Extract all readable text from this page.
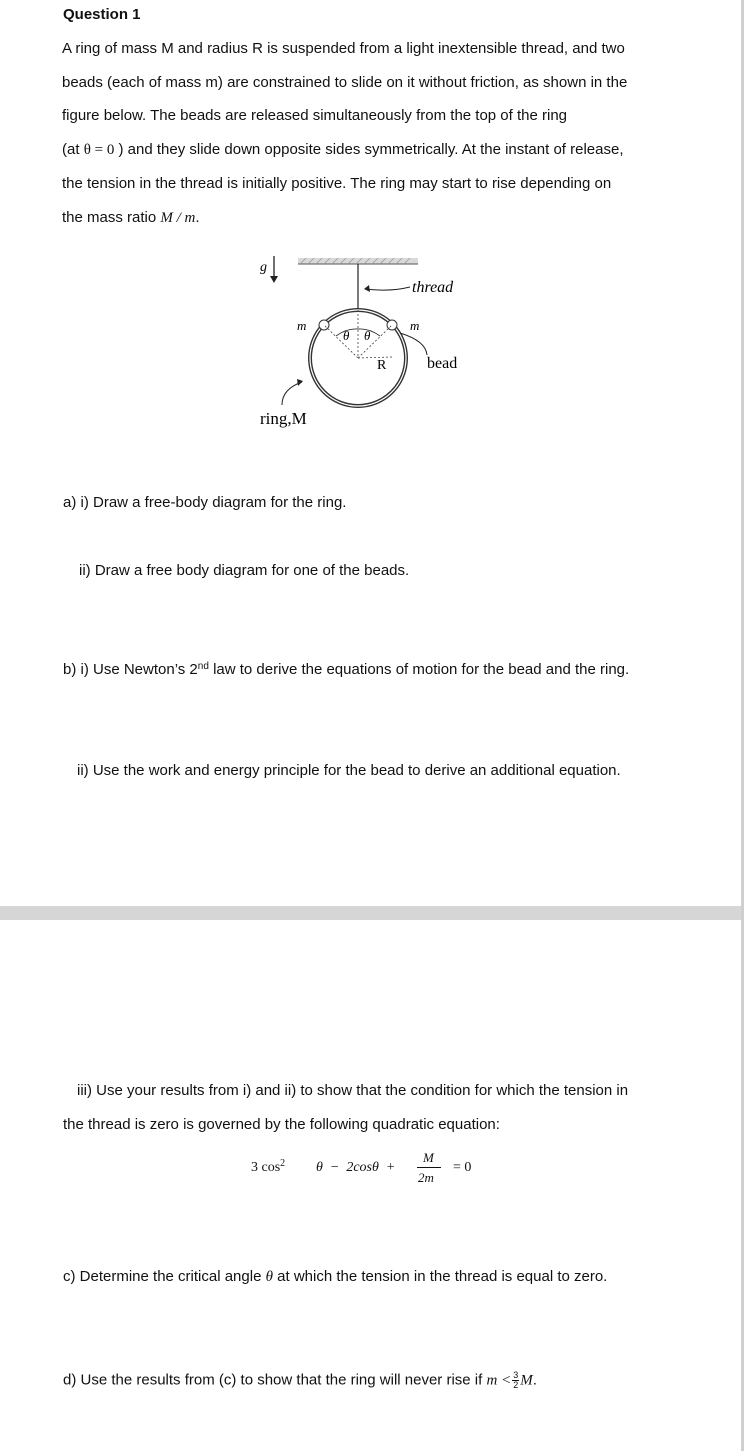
Question 1
A ring of mass M and radius R is suspended from a light inextensible thread, and two
beads (each of mass m) are constrained to slide on it without friction, as shown in the
figure below. The beads are released simultaneously from the top of the ring
(at θ = 0 ) and they slide down opposite sides symmetrically. At the instant of release,
the tension in the thread is initially positive. The ring may start to rise depending on
the mass ratio M / m.
g
thread
bead
m	m
θ θ
R
ring,M
a) i) Draw a free-body diagram for the ring.
ii) Draw a free body diagram for one of the beads.
b) i) Use Newton’s 2nd law to derive the equations of motion for the bead and the ring.
ii) Use the work and energy principle for the bead to derive an additional equation.
iii) Use your results from i) and ii) to show that the condition for which the tension in
the thread is zero is governed by the following quadratic equation:
3 $\cos^2 \theta - 2\cos\theta$  +
M
2m
= 0
c) Determine the critical angle θ at which the tension in the thread is equal to zero.
d) Use the results from (c) to show that the ring will never rise if $m < \frac{3}{2} M$.
